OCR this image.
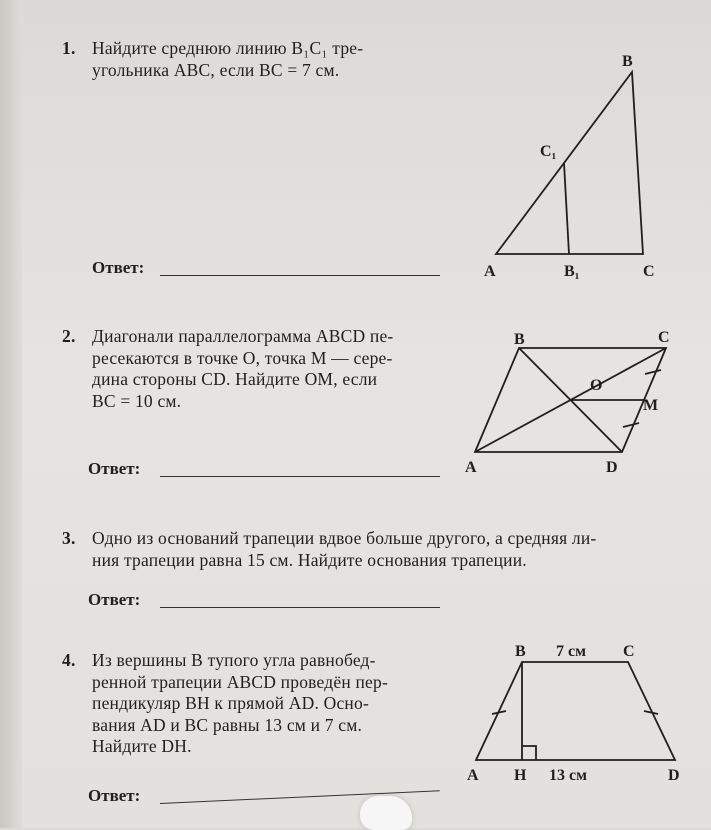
1. Найдите среднюю линию B₁C₁ тре-
угольника ABC, если BC = 7 см.
Ответ:
2. Диагонали параллелограмма ABCD пе-
ресекаются в точке O, точка M — сере-
дина стороны CD. Найдите OM, если
BC = 10 см.
Ответ:
3. Одно из оснований трапеции вдвое больше другого, а средняя ли-
ния трапеции равна 15 см. Найдите основания трапеции.
Ответ:
4. Из вершины B тупого угла равнобед-
ренной трапеции ABCD проведён пер-
пендикуляр BH к прямой AD. Осно-
вания AD и BC равны 13 см и 7 см.
Найдите DH.
Ответ:
B
C₁
A	B₁	C
B	C
O
M
A	D
B 7 см C
A H 13 см	D
